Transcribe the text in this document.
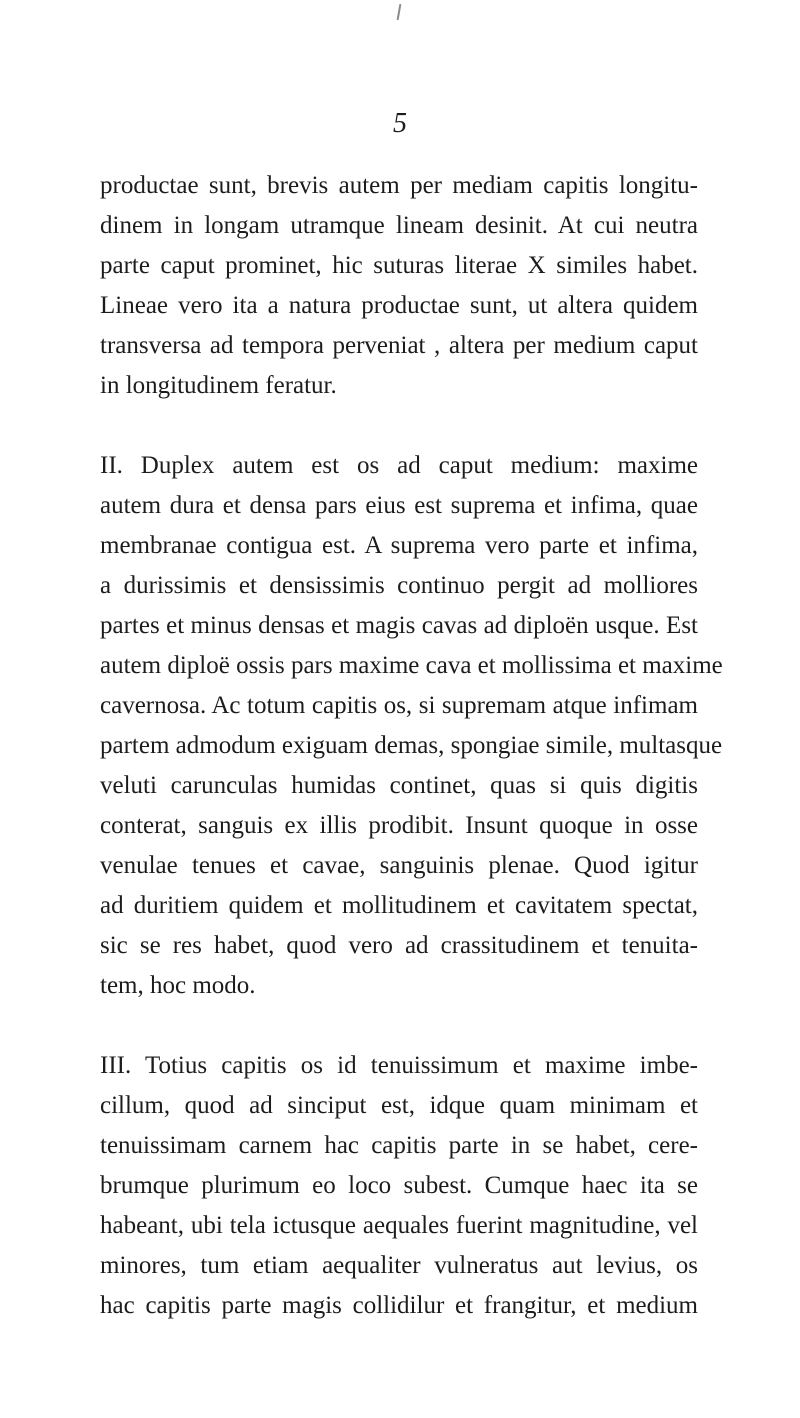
5
productae sunt, brevis autem per mediam capitis longitu-
dinem in longam utramque lineam desinit. At cui neutra
parte caput prominet, hic suturas literae X similes habet.
Lineae vero ita a natura productae sunt, ut altera quidem
transversa ad tempora perveniat , altera per medium caput
in longitudinem feratur.
II. Duplex autem est os ad caput medium: maxime
autem dura et densa pars eius est suprema et infima, quae
membranae contigua est. A suprema vero parte et infima,
a durissimis et densissimis continuo pergit ad molliores
partes et minus densas et magis cavas ad diploën usque. Est
autem diploë ossis pars maxime cava et mollissima et maxime
cavernosa. Ac totum capitis os, si supremam atque infimam
partem admodum exiguam demas, spongiae simile, multasque
veluti carunculas humidas continet, quas si quis digitis
conterat, sanguis ex illis prodibit. Insunt quoque in osse
venulae tenues et cavae, sanguinis plenae. Quod igitur
ad duritiem quidem et mollitudinem et cavitatem spectat,
sic se res habet, quod vero ad crassitudinem et tenuita-
tem, hoc modo.
III. Totius capitis os id tenuissimum et maxime imbe-
cillum, quod ad sinciput est, idque quam minimam et
tenuissimam carnem hac capitis parte in se habet, cere-
brumque plurimum eo loco subest. Cumque haec ita se
habeant, ubi tela ictusque aequales fuerint magnitudine, vel
minores, tum etiam aequaliter vulneratus aut levius, os
hac capitis parte magis collidilur et frangitur, et medium
